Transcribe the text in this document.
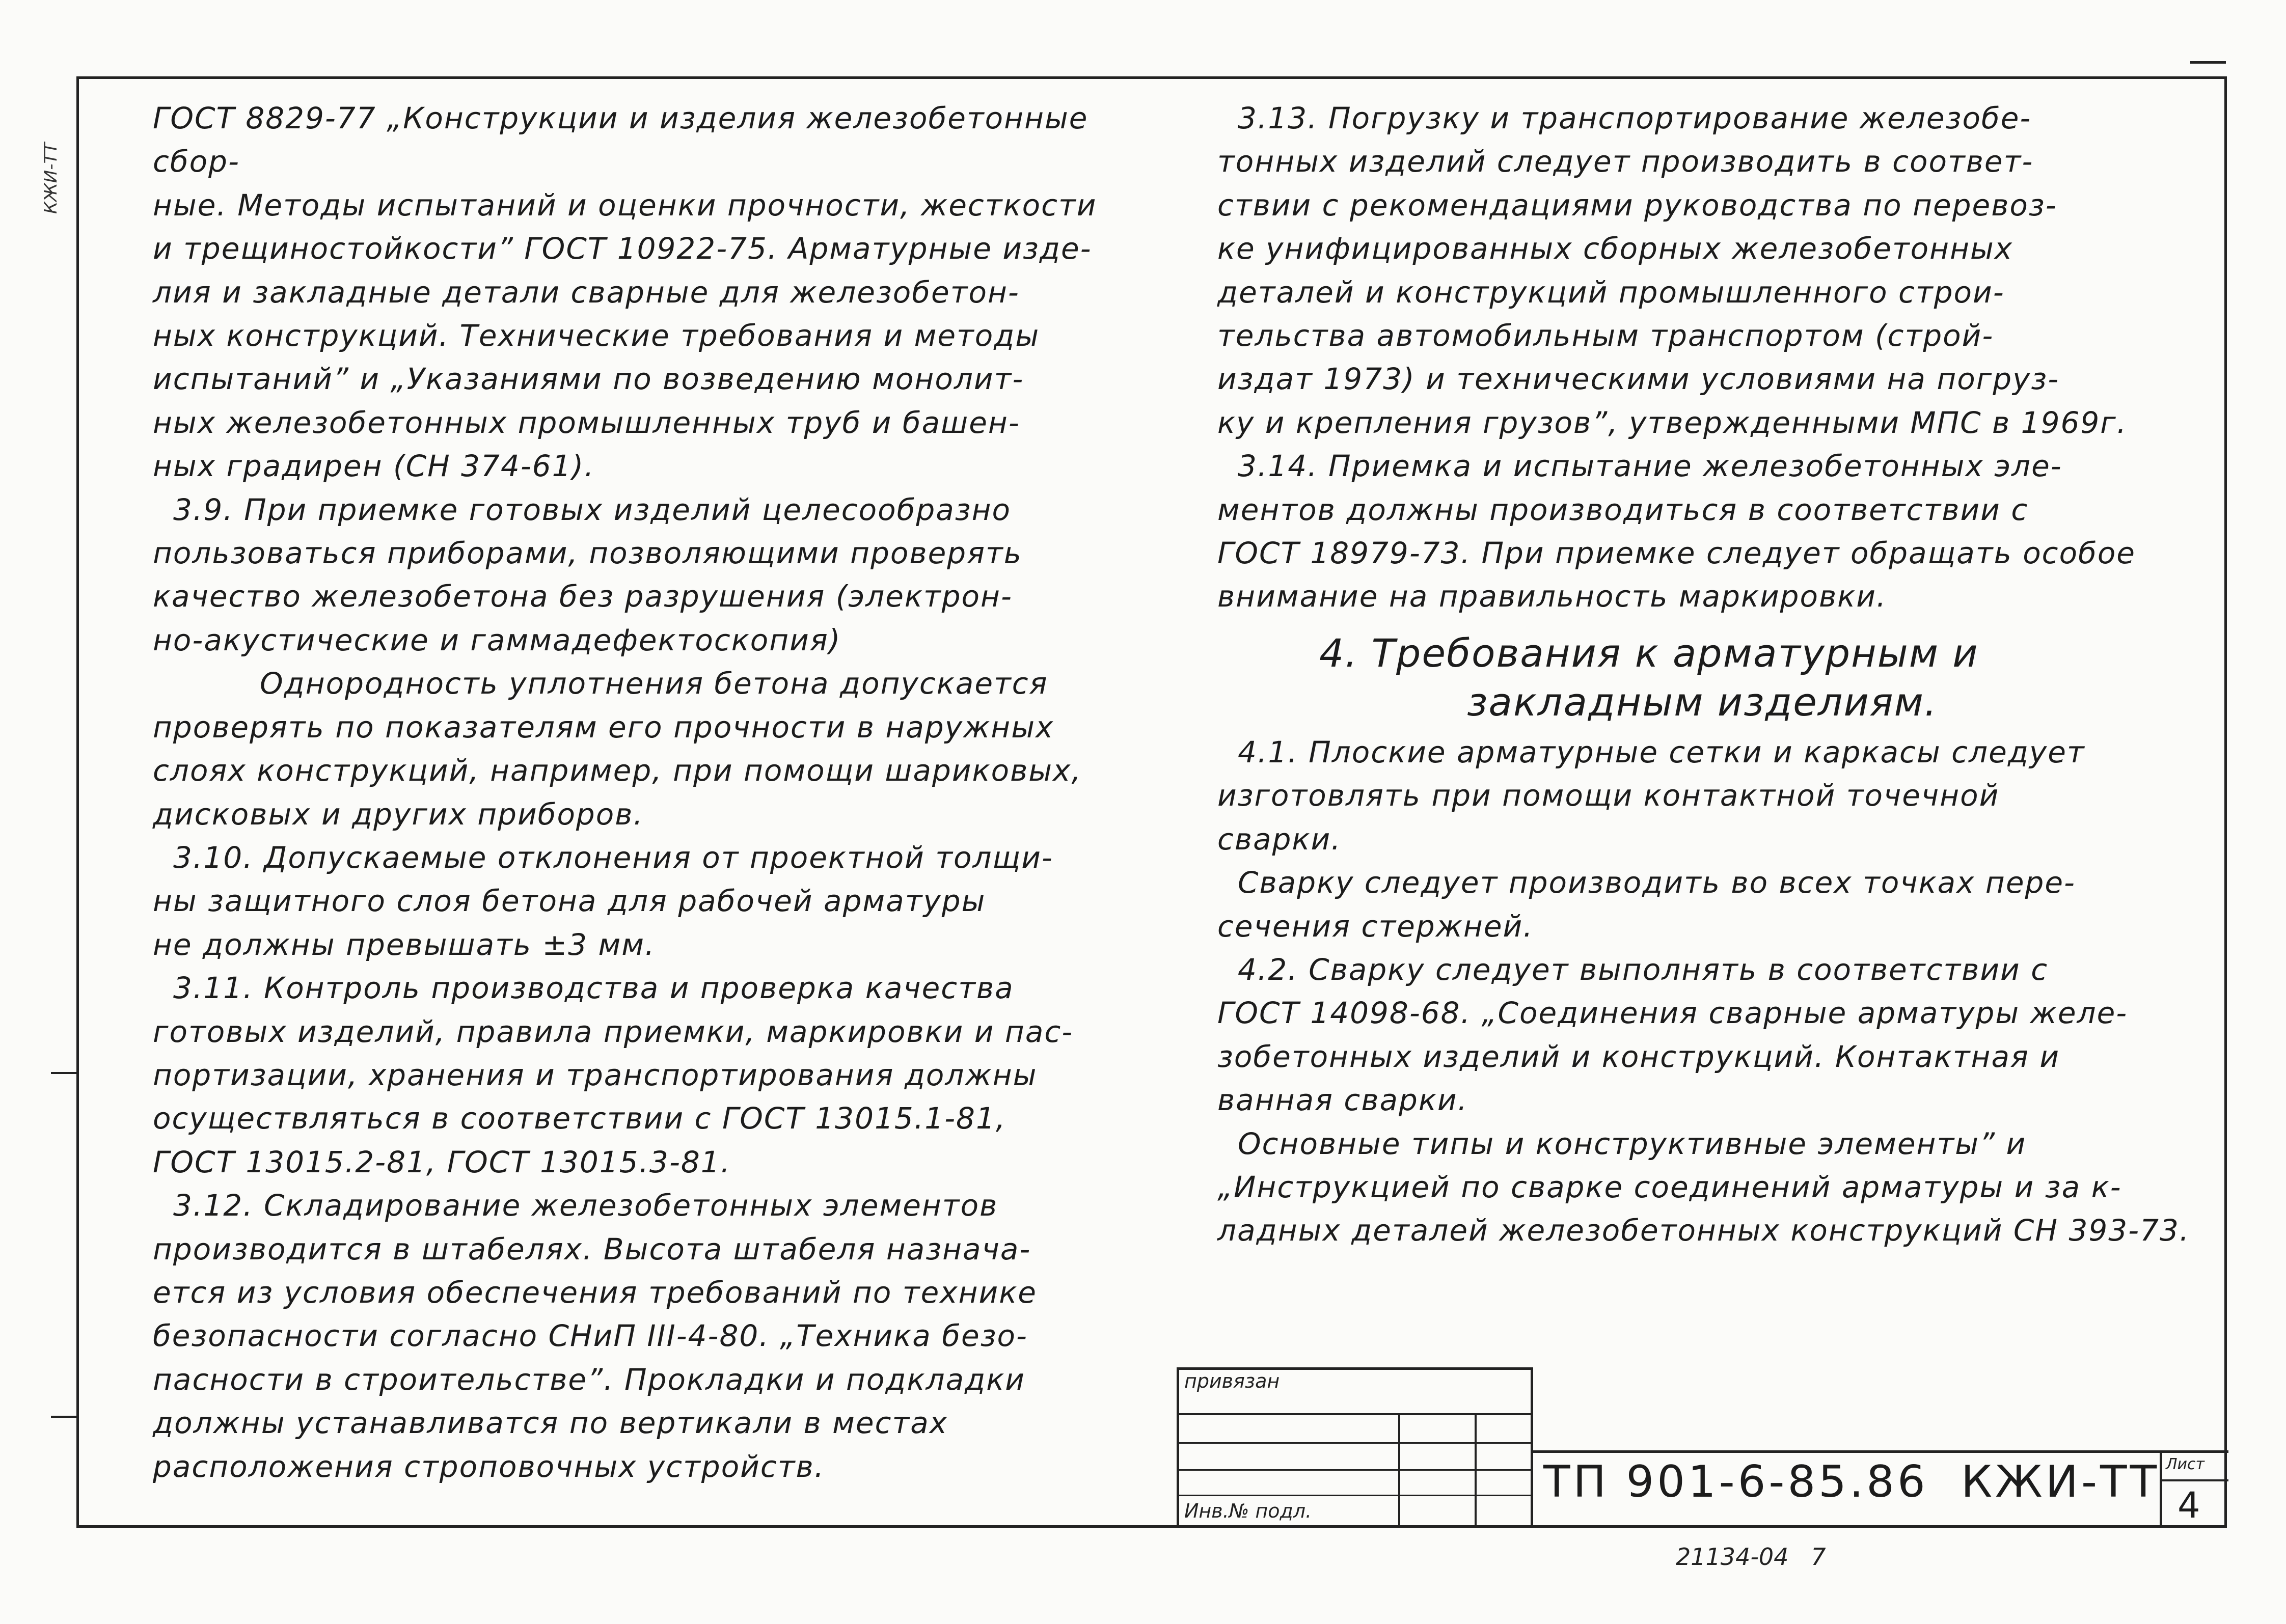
КЖИ-ТТ

ГОСТ 8829-77 „Конструкции и изделия железобетонные сбор-
ные. Методы испытаний и оценки прочности, жесткости
и трещиностойкости” ГОСТ 10922-75. Арматурные изде-
лия и закладные детали сварные для железобетон-
ных конструкций. Технические требования и методы
испытаний” и „Указаниями по возведению монолит-
ных железобетонных промышленных труб и башен-
ных градирен (СН 374-61).

3.9. При приемке готовых изделий целесообразно
пользоваться приборами, позволяющими проверять
качество железобетона без разрушения (электрон-
но-акустические и гаммадефектоскопия)

Однородность уплотнения бетона допускается
проверять по показателям его прочности в наружных
слоях конструкций, например, при помощи шариковых,
дисковых и других приборов.

3.10. Допускаемые отклонения от проектной толщи-
ны защитного слоя бетона для рабочей арматуры
не должны превышать ±3 мм.

3.11. Контроль производства и проверка качества
готовых изделий, правила приемки, маркировки и пас-
портизации, хранения и транспортирования должны
осуществляться в соответствии с ГОСТ 13015.1-81,
ГОСТ 13015.2-81, ГОСТ 13015.3-81.

3.12. Складирование железобетонных элементов
производится в штабелях. Высота штабеля назнача-
ется из условия обеспечения требований по технике
безопасности согласно СНиП III-4-80. „Техника безо-
пасности в строительстве”. Прокладки и подкладки
должны устанавливатся по вертикали в местах
расположения строповочных устройств.

3.13. Погрузку и транспортирование железобе-
тонных изделий следует производить в соответ-
ствии с рекомендациями руководства по перевоз-
ке унифицированных сборных железобетонных
деталей и конструкций промышленного строи-
тельства автомобильным транспортом (строй-
издат 1973) и техническими условиями на погруз-
ку и крепления грузов”, утвержденными МПС в 1969г.

3.14. Приемка и испытание железобетонных эле-
ментов должны производиться в соответствии с
ГОСТ 18979-73. При приемке следует обращать особое
внимание на правильность маркировки.

4. Требования к арматурным и
закладным изделиям.

4.1. Плоские арматурные сетки и каркасы следует
изготовлять при помощи контактной точечной
сварки.

Сварку следует производить во всех точках пере-
сечения стержней.

4.2. Сварку следует выполнять в соответствии с
ГОСТ 14098-68. „Соединения сварные арматуры желе-
зобетонных изделий и конструкций. Контактная и
ванная сварки.

Основные типы и конструктивные элементы” и
„Инструкцией по сварке соединений арматуры и за к-
ладных деталей железобетонных конструкций СН 393-73.

привязан
Инв.№ подл.
ТП 901-6-85.86 КЖИ-ТТ Лист
4
21134-04   7
